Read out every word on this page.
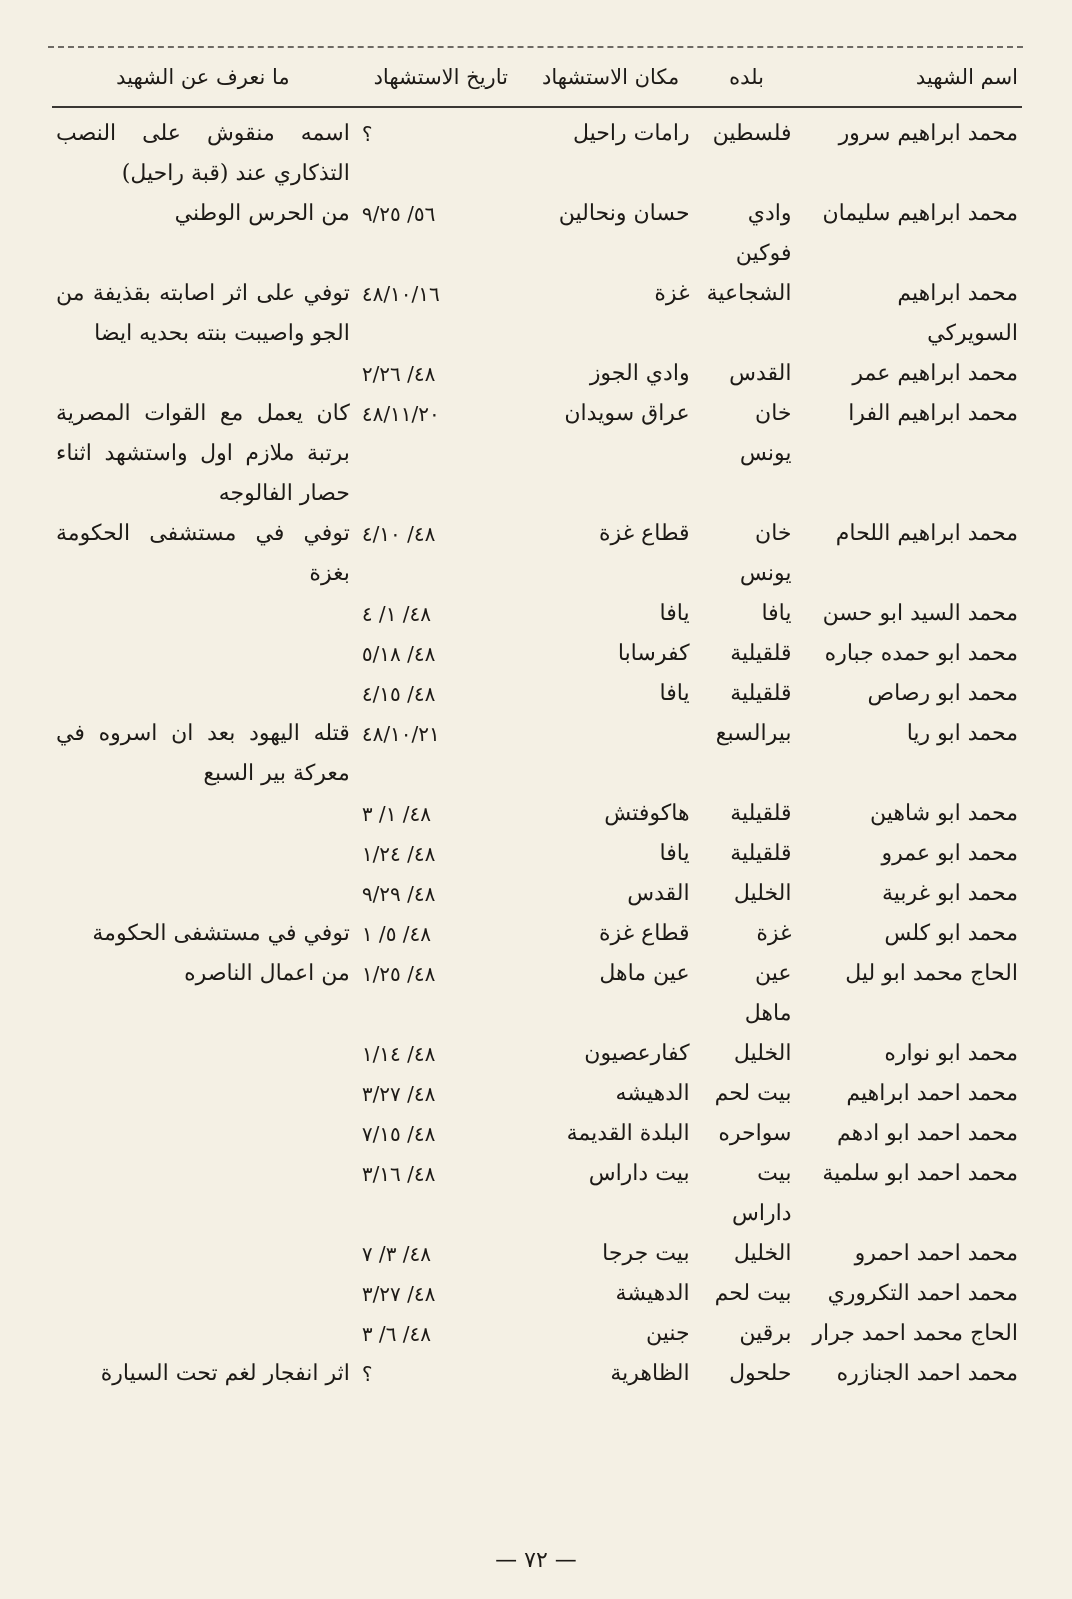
اسم الشهيد	بلده	مكان الاستشهاد	تاريخ الاستشهاد	ما نعرف عن الشهيد

محمد ابراهيم سرور	فلسطين	رامات راحيل	؟	اسمه منقوش على النصب التذكاري عند (قبة راحيل)
محمد ابراهيم سليمان	وادي فوكين	حسان ونحالين	٥٦/ ٩/٢٥	من الحرس الوطني
محمد ابراهيم السويركي	الشجاعية	غزة	٤٨/١٠/١٦	توفي على اثر اصابته بقذيفة من الجو واصيبت بنته بحديه ايضا
محمد ابراهيم عمر	القدس	وادي الجوز	٤٨/ ٢/٢٦	
محمد ابراهيم الفرا	خان يونس	عراق سويدان	٤٨/١١/٢٠	كان يعمل مع القوات المصرية برتبة ملازم اول واستشهد اثناء حصار الفالوجه
محمد ابراهيم اللحام	خان يونس	قطاع غزة	٤٨/ ٤/١٠	توفي في مستشفى الحكومة بغزة
محمد السيد ابو حسن	يافا	يافا	٤٨/ ١/ ٤	
محمد ابو حمده جباره	قلقيلية	كفرسابا	٤٨/ ٥/١٨	
محمد ابو رصاص	قلقيلية	يافا	٤٨/ ٤/١٥	
محمد ابو ريا	بيرالسبع		٤٨/١٠/٢١	قتله اليهود بعد ان اسروه في معركة بير السبع
محمد ابو شاهين	قلقيلية	هاكوفتش	٤٨/ ١/ ٣	
محمد ابو عمرو	قلقيلية	يافا	٤٨/ ١/٢٤	
محمد ابو غربية	الخليل	القدس	٤٨/ ٩/٢٩	
محمد ابو كلس	غزة	قطاع غزة	٤٨/ ٥/ ١	توفي في مستشفى الحكومة
الحاج محمد ابو ليل	عين ماهل	عين ماهل	٤٨/ ١/٢٥	من اعمال الناصره
محمد ابو نواره	الخليل	كفارعصيون	٤٨/ ١/١٤	
محمد احمد ابراهيم	بيت لحم	الدهيشه	٤٨/ ٣/٢٧	
محمد احمد ابو ادهم	سواحره	البلدة القديمة	٤٨/ ٧/١٥	
محمد احمد ابو سلمية	بيت داراس	بيت داراس	٤٨/ ٣/١٦	
محمد احمد احمرو	الخليل	بيت جرجا	٤٨/ ٣/ ٧	
محمد احمد التكروري	بيت لحم	الدهيشة	٤٨/ ٣/٢٧	
الحاج محمد احمد جرار	برقين	جنين	٤٨/ ٦/ ٣	
محمد احمد الجنازره	حلحول	الظاهرية	؟	اثر انفجار لغم تحت السيارة
— ٧٢ —
